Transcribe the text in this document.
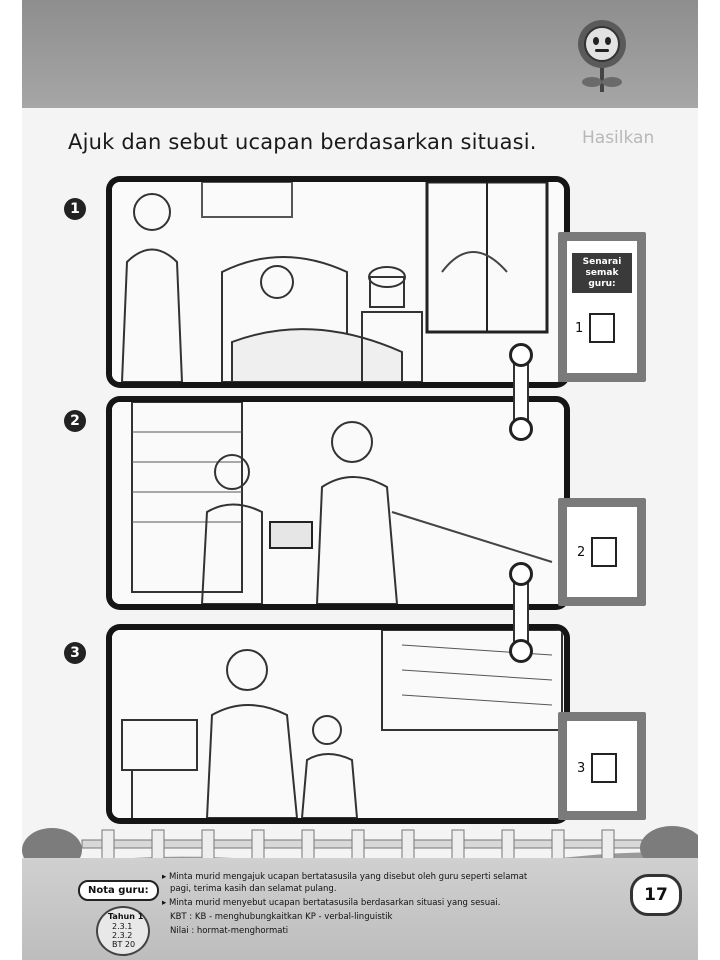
Ajuk dan sebut ucapan berdasarkan situasi.	Hasilkan
1
2
3
Senarai
semak
guru:
1
2
3
Nota guru:
Tahun 1
2.3.1
2.3.2
BT 20
▸ Minta murid mengajuk ucapan bertatasusila yang disebut oleh guru seperti selamat
pagi, terima kasih dan selamat pulang.
▸ Minta murid menyebut ucapan bertatasusila berdasarkan situasi yang sesuai.
KBT : KB - menghubungkaitkan KP - verbal-linguistik
Nilai : hormat-menghormati
17
